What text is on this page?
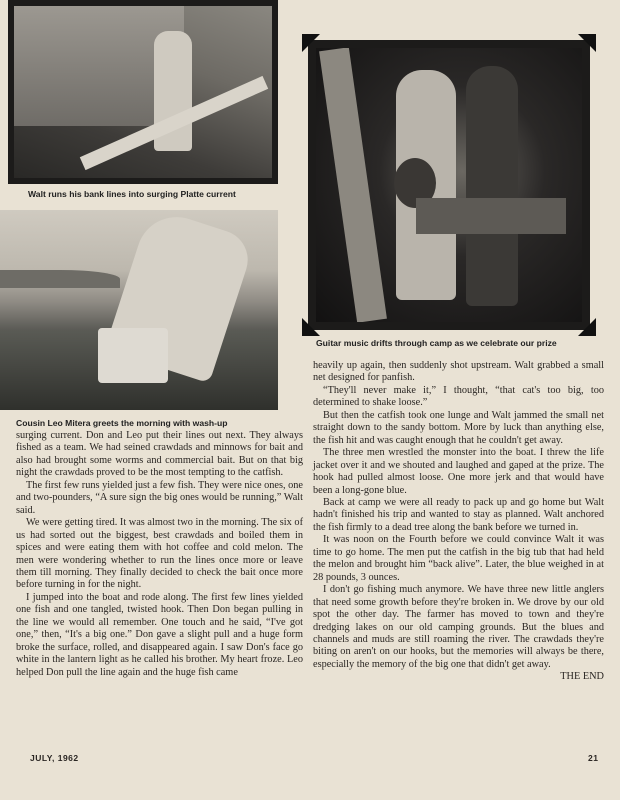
Walt runs his bank lines into surging Platte current
Cousin Leo Mitera greets the morning with wash-up
Guitar music drifts through camp as we celebrate our prize

surging current. Don and Leo put their lines out next. They always fished as a team. We had seined crawdads and minnows for bait and also had brought some worms and commercial bait. But on that big night the crawdads proved to be the most tempting to the catfish.

The first few runs yielded just a few fish. They were nice ones, one and two-pounders, “A sure sign the big ones would be running,” Walt said.

We were getting tired. It was almost two in the morning. The six of us had sorted out the biggest, best crawdads and boiled them in spices and were eating them with hot coffee and cold melon. The men were wondering whether to run the lines once more or leave them till morning. They finally decided to check the bait once more before turning in for the night.

I jumped into the boat and rode along. The first few lines yielded one fish and one tangled, twisted hook. Then Don began pulling in the line we would all remember. One touch and he said, “I've got one,” then, “It's a big one.” Don gave a slight pull and a huge form broke the surface, rolled, and disappeared again. I saw Don's face go white in the lantern light as he called his brother. My heart froze. Leo helped Don pull the line again and the huge fish came

heavily up again, then suddenly shot upstream. Walt grabbed a small net designed for panfish.

“They'll never make it,” I thought, “that cat's too big, too determined to shake loose.”

But then the catfish took one lunge and Walt jammed the small net straight down to the sandy bottom. More by luck than anything else, the fish hit and was caught enough that he couldn't get away.

The three men wrestled the monster into the boat. I threw the life jacket over it and we shouted and laughed and gaped at the prize. The hook had pulled almost loose. One more jerk and that would have been a long-gone blue.

Back at camp we were all ready to pack up and go home but Walt hadn't finished his trip and wanted to stay as planned. Walt anchored the fish firmly to a dead tree along the bank before we turned in.

It was noon on the Fourth before we could convince Walt it was time to go home. The men put the catfish in the big tub that had held the melon and brought him “back alive”. Later, the blue weighed in at 28 pounds, 3 ounces.

I don't go fishing much anymore. We have three new little anglers that need some growth before they're broken in. We drove by our old spot the other day. The farmer has moved to town and they're dredging lakes on our old camping grounds. But the blues and channels and muds are still roaming the river. The crawdads they're biting on aren't on our hooks, but the memories will always be there, especially the memory of the big one that didn't get away.
THE END

JULY, 1962	21
